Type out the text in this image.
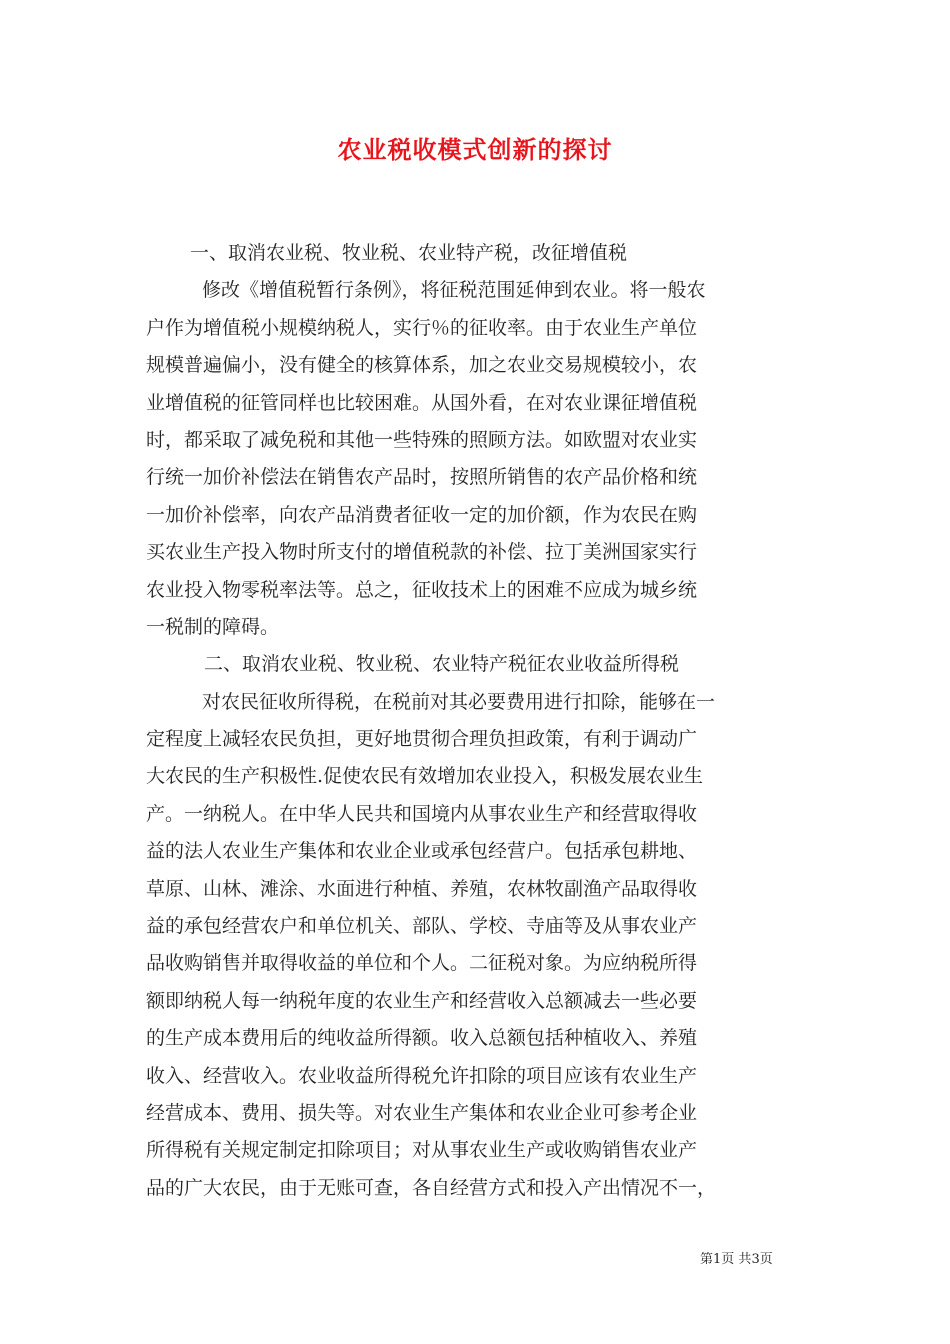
农业税收模式创新的探讨
一、取消农业税、牧业税、农业特产税，改征增值税
修改《增值税暂行条例》，将征税范围延伸到农业。将一般农
户作为增值税小规模纳税人，实行％的征收率。由于农业生产单位
规模普遍偏小，没有健全的核算体系，加之农业交易规模较小，农
业增值税的征管同样也比较困难。从国外看，在对农业课征增值税
时，都采取了减免税和其他一些特殊的照顾方法。如欧盟对农业实
行统一加价补偿法在销售农产品时，按照所销售的农产品价格和统
一加价补偿率，向农产品消费者征收一定的加价额，作为农民在购
买农业生产投入物时所支付的增值税款的补偿、拉丁美洲国家实行
农业投入物零税率法等。总之，征收技术上的困难不应成为城乡统
一税制的障碍。
二、取消农业税、牧业税、农业特产税征农业收益所得税
对农民征收所得税，在税前对其必要费用进行扣除，能够在一
定程度上减轻农民负担，更好地贯彻合理负担政策，有利于调动广
大农民的生产积极性.促使农民有效增加农业投入，积极发展农业生
产。一纳税人。在中华人民共和国境内从事农业生产和经营取得收
益的法人农业生产集体和农业企业或承包经营户。包括承包耕地、
草原、山林、滩涂、水面进行种植、养殖，农林牧副渔产品取得收
益的承包经营农户和单位机关、部队、学校、寺庙等及从事农业产
品收购销售并取得收益的单位和个人。二征税对象。为应纳税所得
额即纳税人每一纳税年度的农业生产和经营收入总额减去一些必要
的生产成本费用后的纯收益所得额。收入总额包括种植收入、养殖
收入、经营收入。农业收益所得税允许扣除的项目应该有农业生产
经营成本、费用、损失等。对农业生产集体和农业企业可参考企业
所得税有关规定制定扣除项目；对从事农业生产或收购销售农业产
品的广大农民，由于无账可查，各自经营方式和投入产出情况不一，
第1页 共3页
